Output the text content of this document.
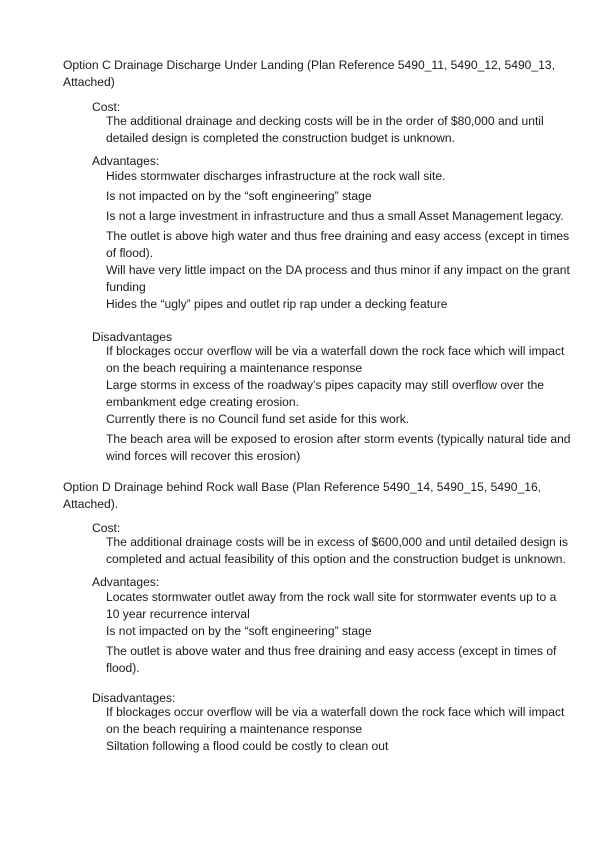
Option C Drainage Discharge Under Landing (Plan Reference 5490_11, 5490_12, 5490_13, Attached)

Cost:

The additional drainage and decking costs will be in the order of $80,000 and until detailed design is completed the construction budget is unknown.

Advantages:

Hides stormwater discharges infrastructure at the rock wall site.

Is not impacted on by the “soft engineering” stage

Is not a large investment in infrastructure and thus a small Asset Management legacy.

The outlet is above high water and thus free draining and easy access (except in times of flood).

Will have very little impact on the DA process and thus minor if any impact on the grant funding

Hides the “ugly” pipes and outlet rip rap under a decking feature

Disadvantages

If blockages occur overflow will be via a waterfall down the rock face which will impact on the beach requiring a maintenance response

Large storms in excess of the roadway’s pipes capacity may still overflow over the embankment edge creating erosion.

Currently there is no Council fund set aside for this work.

The beach area will be exposed to erosion after storm events (typically natural tide and wind forces will recover this erosion)

Option D Drainage behind Rock wall Base (Plan Reference 5490_14, 5490_15, 5490_16, Attached).

Cost:

The additional drainage costs will be in excess of $600,000 and until detailed design is completed and actual feasibility of this option and the construction budget is unknown.

Advantages:

Locates stormwater outlet away from the rock wall site for stormwater events up to a 10 year recurrence interval

Is not impacted on by the “soft engineering” stage

The outlet is above water and thus free draining and easy access (except in times of flood).

Disadvantages:

If blockages occur overflow will be via a waterfall down the rock face which will impact on the beach requiring a maintenance response

Siltation following a flood could be costly to clean out
